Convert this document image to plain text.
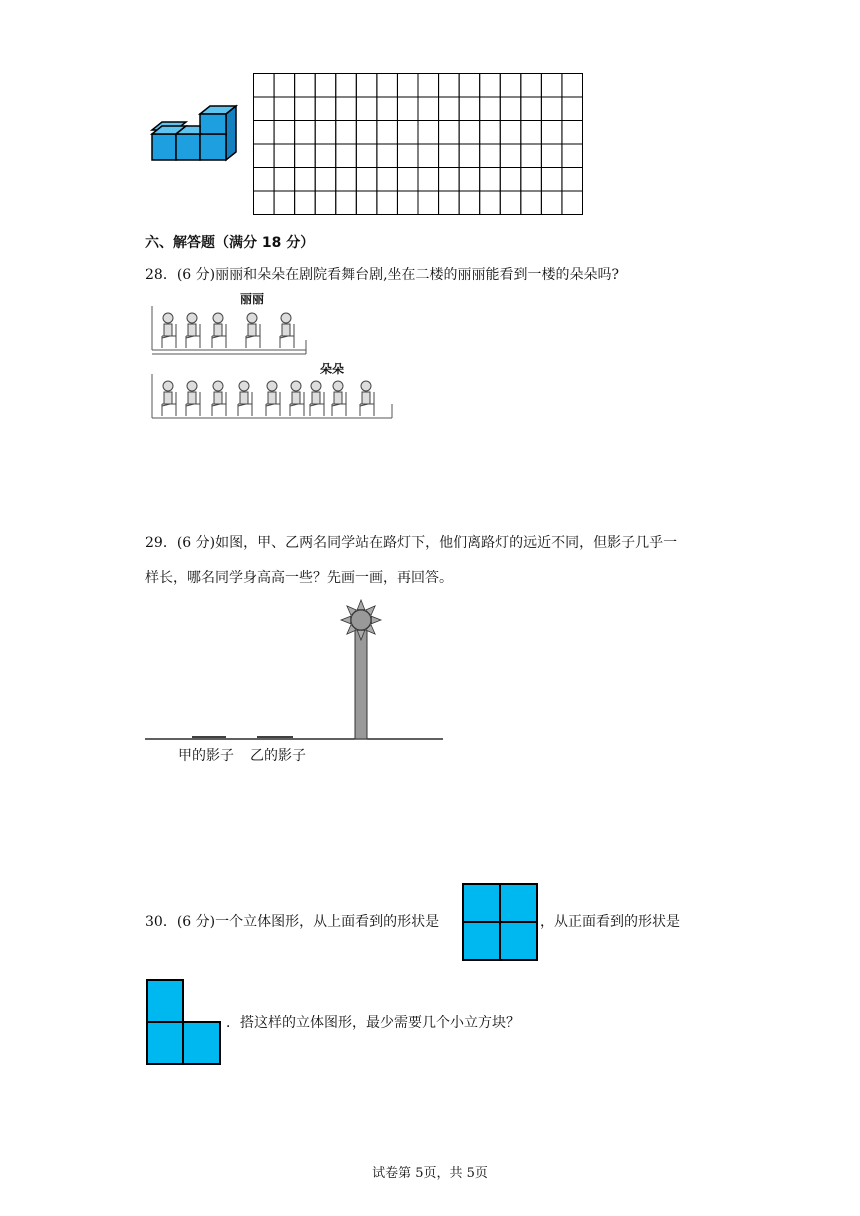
六、解答题（满分 18 分）
28．(6 分)丽丽和朵朵在剧院看舞台剧,坐在二楼的丽丽能看到一楼的朵朵吗?
丽丽
朵朵
29．(6 分)如图，甲、乙两名同学站在路灯下，他们离路灯的远近不同，但影子几乎一
样长，哪名同学身高高一些？先画一画，再回答。
甲的影子 乙的影子
30．(6 分)一个立体图形，从上面看到的形状是	，从正面看到的形状是
．搭这样的立体图形，最少需要几个小立方块？
试卷第 5页，共 5页
